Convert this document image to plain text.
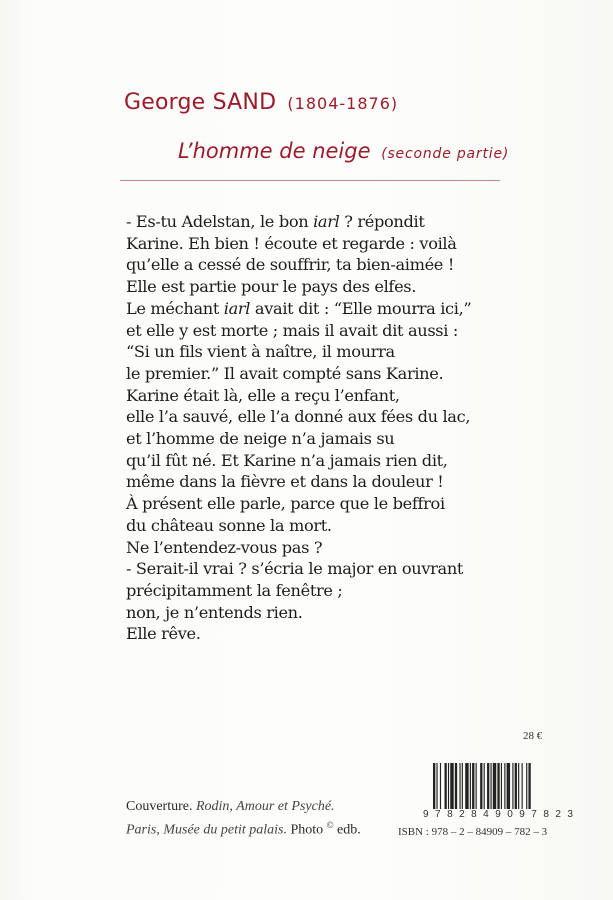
George SAND (1804-1876)
L’homme de neige (seconde partie)
- Es-tu Adelstan, le bon iarl ? répondit
Karine. Eh bien ! écoute et regarde : voilà
qu’elle a cessé de souffrir, ta bien-aimée !
Elle est partie pour le pays des elfes.
Le méchant iarl avait dit : “Elle mourra ici,”
et elle y est morte ; mais il avait dit aussi :
“Si un fils vient à naître, il mourra
le premier.” Il avait compté sans Karine.
Karine était là, elle a reçu l’enfant,
elle l’a sauvé, elle l’a donné aux fées du lac,
et l’homme de neige n’a jamais su
qu’il fût né. Et Karine n’a jamais rien dit,
même dans la fièvre et dans la douleur !
À présent elle parle, parce que le beffroi
du château sonne la mort.
Ne l’entendez-vous pas ?
- Serait-il vrai ? s’écria le major en ouvrant
précipitamment la fenêtre ;
non, je n’entends rien.
Elle rêve.
28 €
9 7 8 2 8 4 9 0 9 7 8 2 3
ISBN : 978 – 2 – 84909 – 782 – 3
Couverture. Rodin, Amour et Psyché.
Paris, Musée du petit palais. Photo © edb.
